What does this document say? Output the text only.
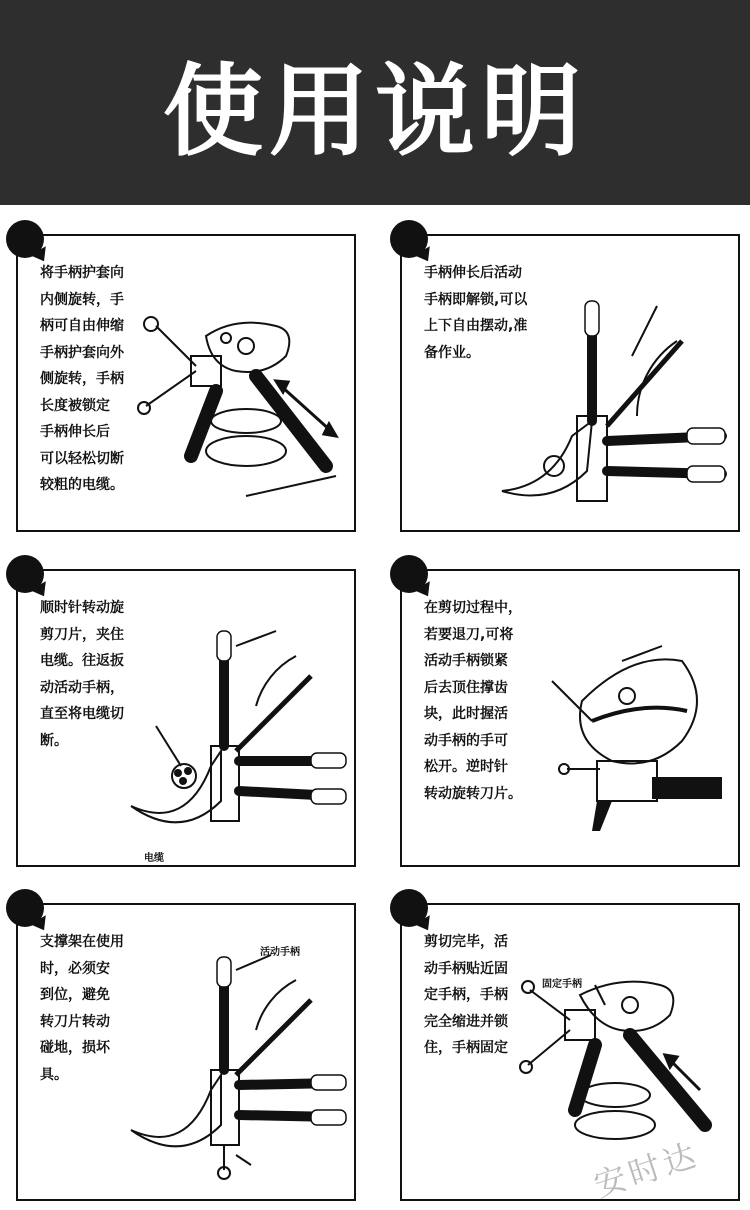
使用说明
将手柄护套向
内侧旋转，手
柄可自由伸缩
手柄护套向外
侧旋转，手柄
长度被锁定
手柄伸长后
可以轻松切断
较粗的电缆。
手柄伸长后活动
手柄即解锁,可以
上下自由摆动,准
备作业。
顺时针转动旋
剪刀片，夹住
电缆。往返扳
动活动手柄，
直至将电缆切
断。
电缆
在剪切过程中，
若要退刀,可将
活动手柄锁紧
后去顶住撑齿
块，此时握活
动手柄的手可
松开。逆时针
转动旋转刀片。
支撑架在使用
时，必须安
到位，避免
转刀片转动
碰地，损坏
具。
活动手柄
剪切完毕，活
动手柄贴近固
定手柄，手柄
完全缩进并锁
住，手柄固定
固定手柄
安时达
